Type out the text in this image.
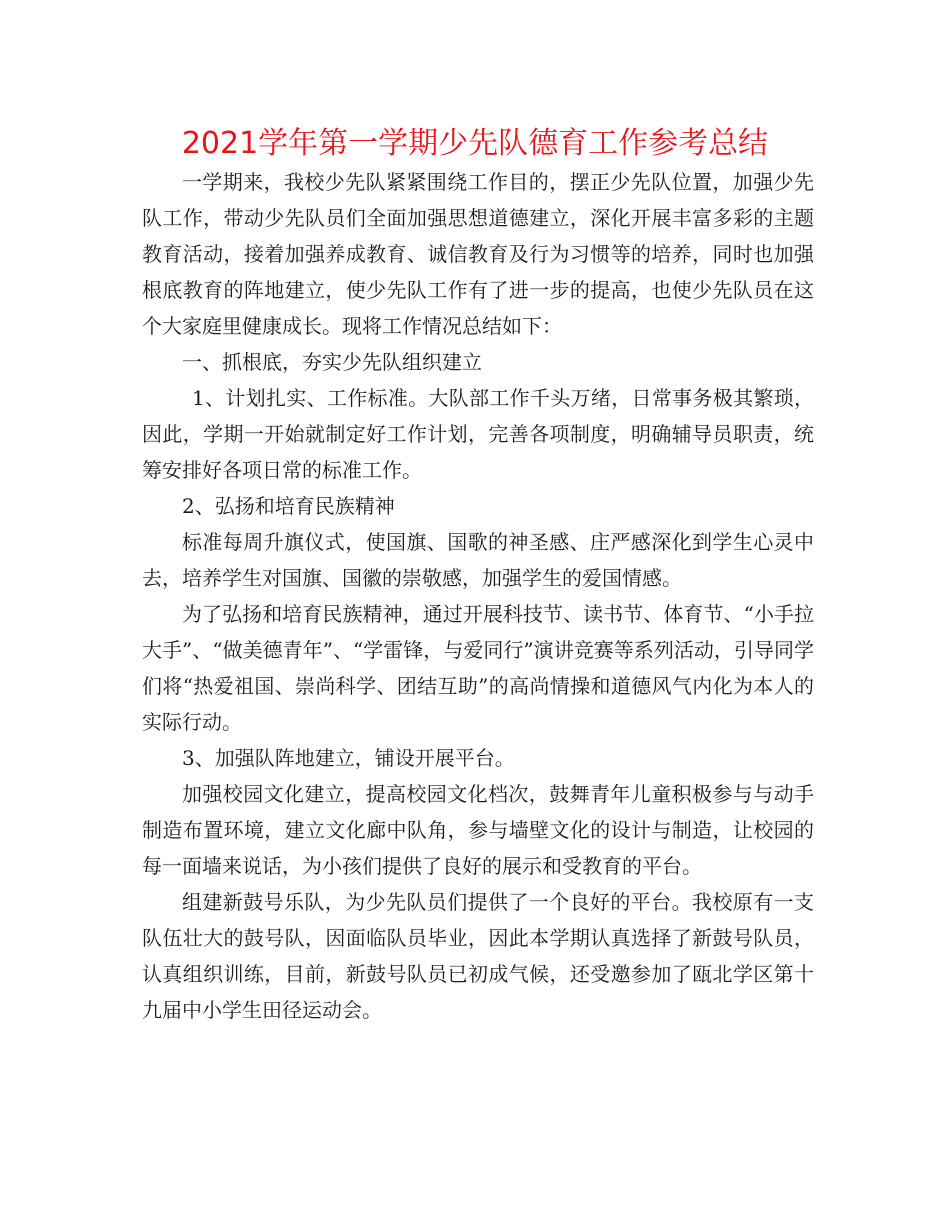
2021学年第一学期少先队德育工作参考总结

一学期来，我校少先队紧紧围绕工作目的，摆正少先队位置，加强少先队工作，带动少先队员们全面加强思想道德建立，深化开展丰富多彩的主题教育活动，接着加强养成教育、诚信教育及行为习惯等的培养，同时也加强根底教育的阵地建立，使少先队工作有了进一步的提高，也使少先队员在这个大家庭里健康成长。现将工作情况总结如下：

一、抓根底，夯实少先队组织建立

1、计划扎实、工作标准。大队部工作千头万绪，日常事务极其繁琐，因此，学期一开始就制定好工作计划，完善各项制度，明确辅导员职责，统筹安排好各项日常的标准工作。

2、弘扬和培育民族精神

标准每周升旗仪式，使国旗、国歌的神圣感、庄严感深化到学生心灵中去，培养学生对国旗、国徽的崇敬感，加强学生的爱国情感。

为了弘扬和培育民族精神，通过开展科技节、读书节、体育节、“小手拉大手”、“做美德青年”、“学雷锋，与爱同行”演讲竞赛等系列活动，引导同学们将“热爱祖国、崇尚科学、团结互助”的高尚情操和道德风气内化为本人的实际行动。

3、加强队阵地建立，铺设开展平台。

加强校园文化建立，提高校园文化档次，鼓舞青年儿童积极参与与动手制造布置环境，建立文化廊中队角，参与墙壁文化的设计与制造，让校园的每一面墙来说话，为小孩们提供了良好的展示和受教育的平台。

组建新鼓号乐队，为少先队员们提供了一个良好的平台。我校原有一支队伍壮大的鼓号队，因面临队员毕业，因此本学期认真选择了新鼓号队员，认真组织训练，目前，新鼓号队员已初成气候，还受邀参加了瓯北学区第十九届中小学生田径运动会。
